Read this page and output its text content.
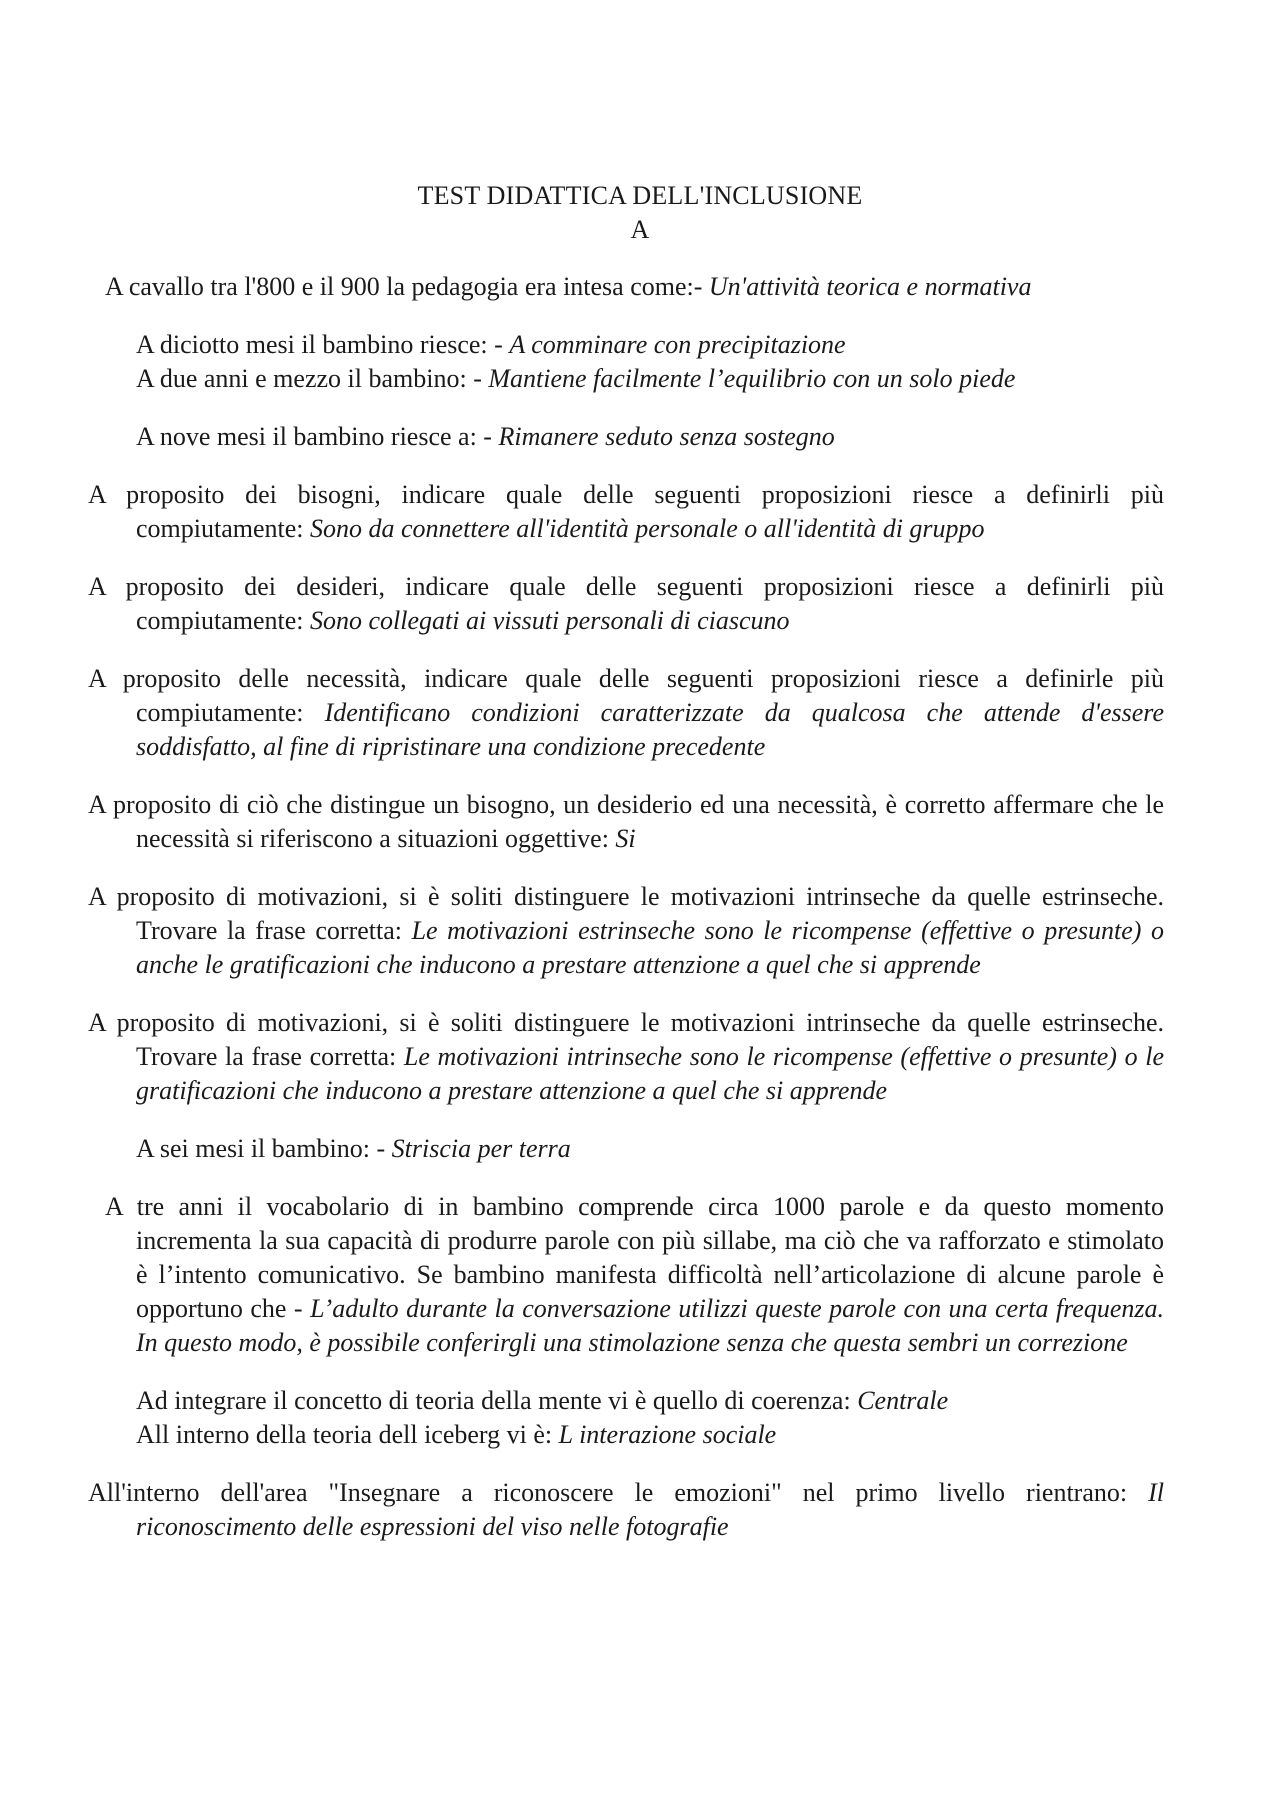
TEST DIDATTICA DELL'INCLUSIONE
A

A cavallo tra l'800 e il 900 la pedagogia era intesa come:- Un'attività teorica e normativa

A diciotto mesi il bambino riesce: - A comminare con precipitazione

A due anni e mezzo il bambino: - Mantiene facilmente l’equilibrio con un solo piede

A nove mesi il bambino riesce a: - Rimanere seduto senza sostegno

A proposito dei bisogni, indicare quale delle seguenti proposizioni riesce a definirli più compiutamente: Sono da connettere all'identità personale o all'identità di gruppo

A proposito dei desideri, indicare quale delle seguenti proposizioni riesce a definirli più compiutamente: Sono collegati ai vissuti personali di ciascuno

A proposito delle necessità, indicare quale delle seguenti proposizioni riesce a definirle più compiutamente: Identificano condizioni caratterizzate da qualcosa che attende d'essere soddisfatto, al fine di ripristinare una condizione precedente

A proposito di ciò che distingue un bisogno, un desiderio ed una necessità, è corretto affermare che le necessità si riferiscono a situazioni oggettive: Si

A proposito di motivazioni, si è soliti distinguere le motivazioni intrinseche da quelle estrinseche. Trovare la frase corretta: Le motivazioni estrinseche sono le ricompense (effettive o presunte) o anche le gratificazioni che inducono a prestare attenzione a quel che si apprende

A proposito di motivazioni, si è soliti distinguere le motivazioni intrinseche da quelle estrinseche. Trovare la frase corretta: Le motivazioni intrinseche sono le ricompense (effettive o presunte) o le gratificazioni che inducono a prestare attenzione a quel che si apprende

A sei mesi il bambino: - Striscia per terra

A tre anni il vocabolario di in bambino comprende circa 1000 parole e da questo momento incrementa la sua capacità di produrre parole con più sillabe, ma ciò che va rafforzato e stimolato è l’intento comunicativo. Se bambino manifesta difficoltà nell’articolazione di alcune parole è opportuno che - L’adulto durante la conversazione utilizzi queste parole con una certa frequenza. In questo modo, è possibile conferirgli una stimolazione senza che questa sembri un correzione

Ad integrare il concetto di teoria della mente vi è quello di coerenza: Centrale

All interno della teoria dell iceberg vi è: L interazione sociale

All'interno dell'area "Insegnare a riconoscere le emozioni" nel primo livello rientrano: Il riconoscimento delle espressioni del viso nelle fotografie
